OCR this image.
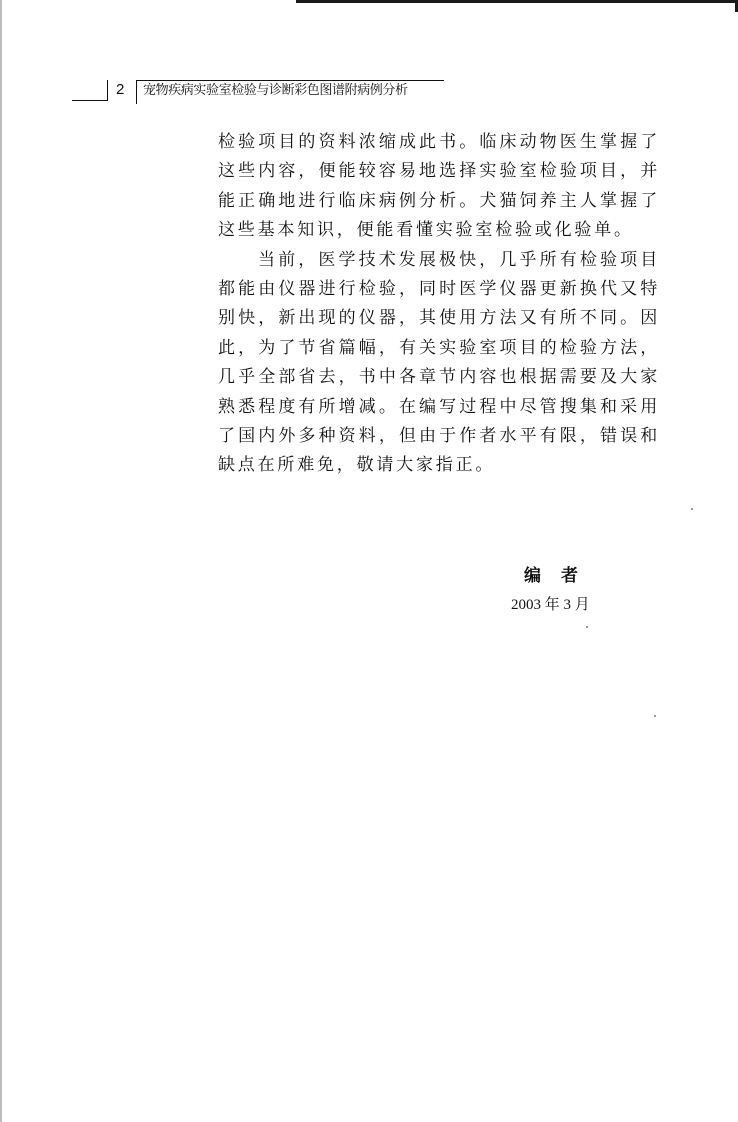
2 宠物疾病实验室检验与诊断彩色图谱附病例分析

检验项目的资料浓缩成此书。临床动物医生掌握了这些内容，便能较容易地选择实验室检验项目，并能正确地进行临床病例分析。犬猫饲养主人掌握了这些基本知识，便能看懂实验室检验或化验单。

当前，医学技术发展极快，几乎所有检验项目都能由仪器进行检验，同时医学仪器更新换代又特别快，新出现的仪器，其使用方法又有所不同。因此，为了节省篇幅，有关实验室项目的检验方法，几乎全部省去，书中各章节内容也根据需要及大家熟悉程度有所增减。在编写过程中尽管搜集和采用了国内外多种资料，但由于作者水平有限，错误和缺点在所难免，敬请大家指正。

编者
2003 年 3 月
